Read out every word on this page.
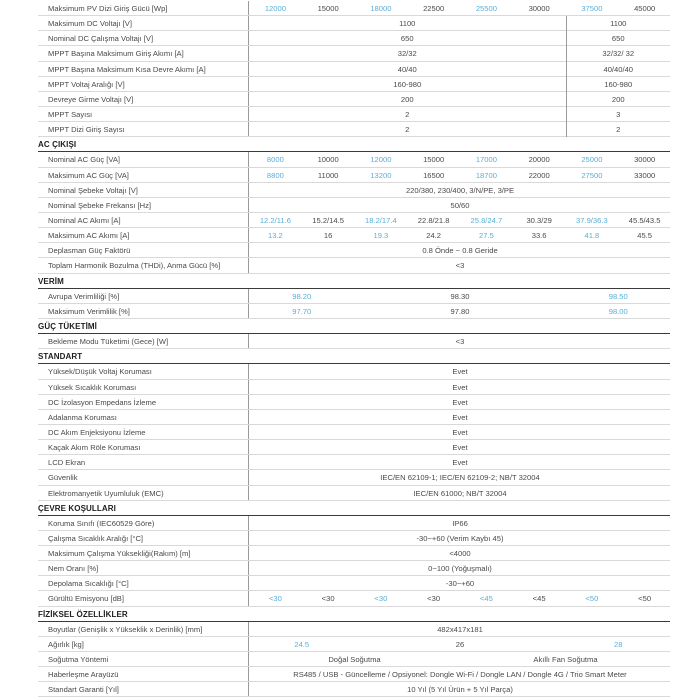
Maksimum PV Dizi Giriş Gücü [Wp]	12000	15000	18000	22500	25500	30000	37500	45000
Maksimum DC Voltajı [V]	1100	1100
Nominal DC Çalışma Voltajı [V]	650	650
MPPT Başına Maksimum Giriş Akımı [A]	32/32	32/32/ 32
MPPT Başına Maksimum Kısa Devre Akımı [A]	40/40	40/40/40
MPPT Voltaj Aralığı [V]	160-980	160-980
Devreye Girme Voltajı [V]	200	200
MPPT Sayısı	2	3
MPPT Dizi Giriş Sayısı	2	2
AC ÇIKIŞI
Nominal AC Güç [VA]	8000	10000	12000	15000	17000	20000	25000	30000
Maksimum AC Güç [VA]	8800	11000	13200	16500	18700	22000	27500	33000
Nominal Şebeke Voltajı [V]	220/380, 230/400, 3/N/PE, 3/PE
Nominal Şebeke Frekansı [Hz]	50/60
Nominal AC Akımı [A]	12.2/11.6	15.2/14.5	18.2/17.4	22.8/21.8	25.8/24.7	30.3/29	37.9/36.3	45.5/43.5
Maksimum AC Akımı [A]	13.2	16	19.3	24.2	27.5	33.6	41.8	45.5
Deplasman Güç Faktörü	0.8 Önde ~ 0.8 Geride
Toplam Harmonik Bozulma (THDi), Anma Gücü [%]	<3
VERİM
Avrupa Verimliliği [%]	98.20	98.30	98.50
Maksimum Verimlilik [%]	97.70	97.80	98.00
GÜÇ TÜKETİMİ
Bekleme Modu Tüketimi (Gece) [W]	<3
STANDART
Yüksek/Düşük Voltaj Koruması	Evet
Yüksek Sıcaklık Koruması	Evet
DC İzolasyon Empedans İzleme	Evet
Adalanma Koruması	Evet
DC Akım Enjeksiyonu İzleme	Evet
Kaçak Akım Röle Koruması	Evet
LCD Ekran	Evet
Güvenlik	IEC/EN 62109-1; IEC/EN 62109-2; NB/T 32004
Elektromanyetik Uyumluluk (EMC)	IEC/EN 61000; NB/T 32004
ÇEVRE KOŞULLARI
Koruma Sınıfı (IEC60529 Göre)	IP66
Çalışma Sıcaklık Aralığı [°C]	-30~+60 (Verim Kaybı 45)
Maksimum Çalışma Yüksekliği(Rakım) [m]	<4000
Nem Oranı [%]	0~100 (Yoğuşmalı)
Depolama Sıcaklığı [°C]	-30~+60
Gürültü Emisyonu [dB]	<30	<30	<30	<30	<45	<45	<50	<50
FİZİKSEL ÖZELLİKLER
Boyutlar (Genişlik x Yükseklik x Derinlik) [mm]	482x417x181
Ağırlık [kg]	24.5	26	28
Soğutma Yöntemi	Doğal Soğutma	Akıllı Fan Soğutma
Haberleşme Arayüzü	RS485 / USB - Güncelleme / Opsiyonel: Dongle Wi-Fi / Dongle LAN / Dongle 4G / Trio Smart Meter
Standart Garanti [Yıl]	10 Yıl (5 Yıl Ürün + 5 Yıl Parça)
